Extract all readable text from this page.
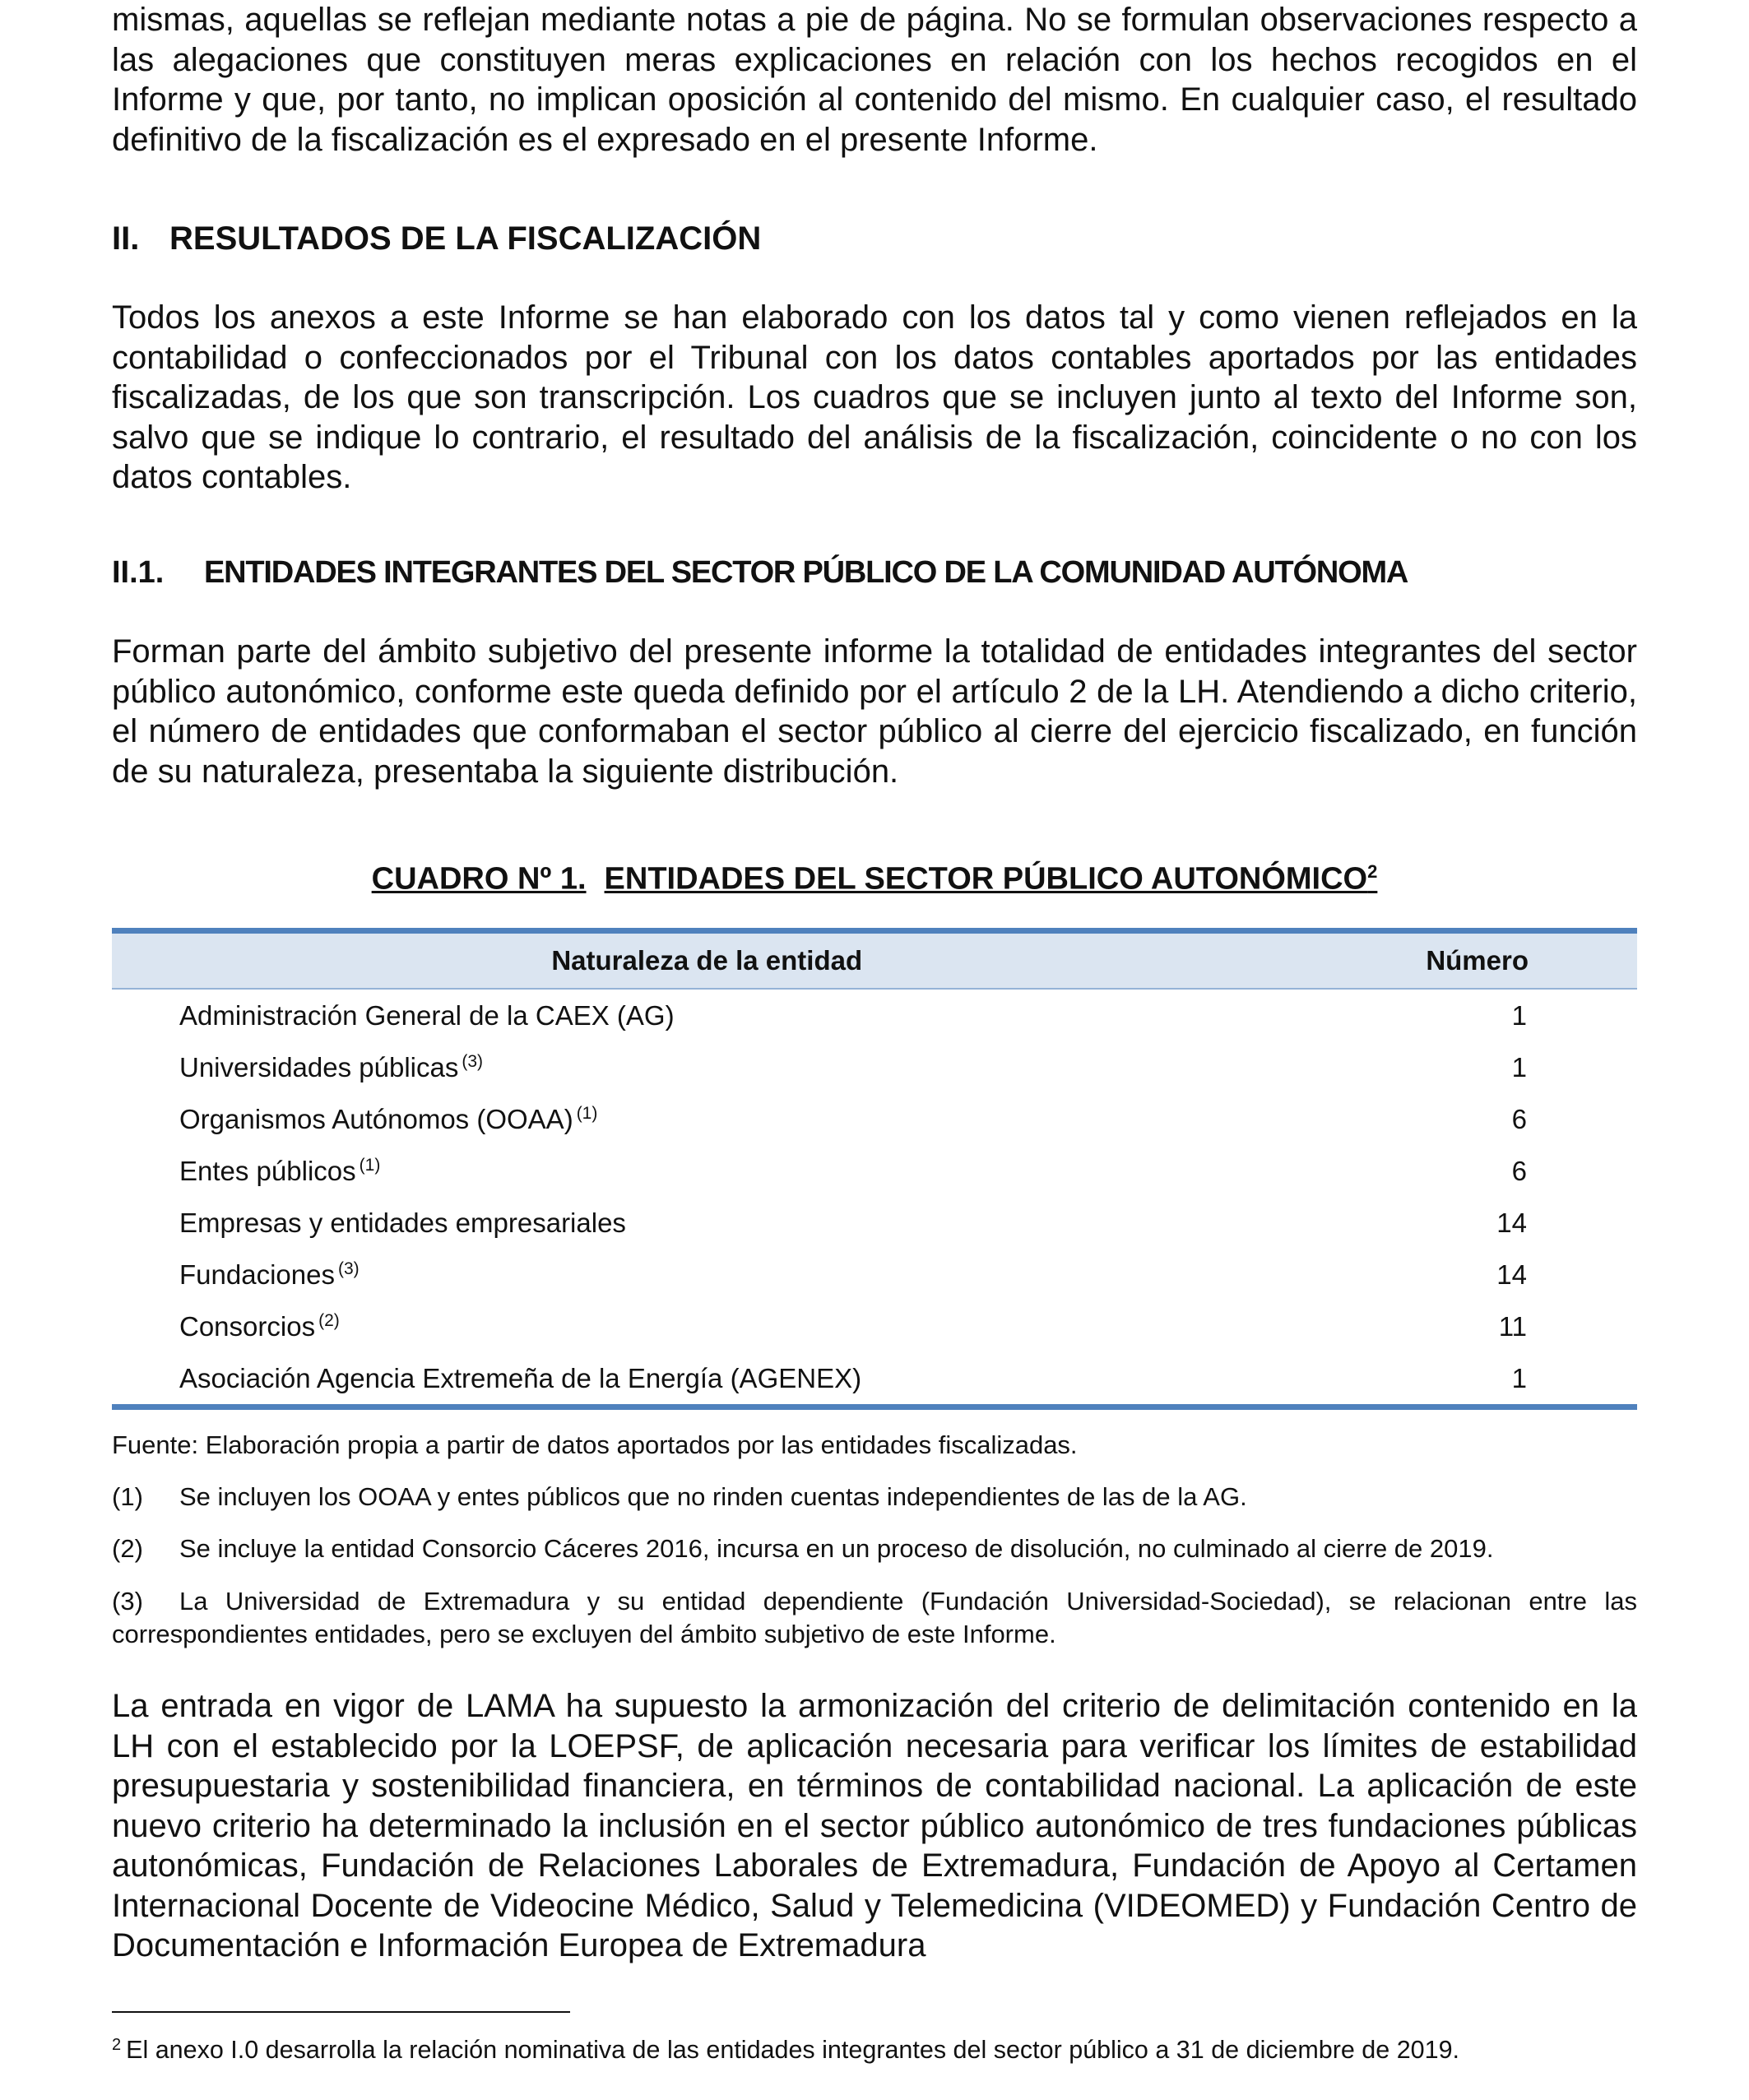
mismas, aquellas se reflejan mediante notas a pie de página. No se formulan observaciones respecto a las alegaciones que constituyen meras explicaciones en relación con los hechos recogidos en el Informe y que, por tanto, no implican oposición al contenido del mismo. En cualquier caso, el resultado definitivo de la fiscalización es el expresado en el presente Informe.

II. RESULTADOS DE LA FISCALIZACIÓN

Todos los anexos a este Informe se han elaborado con los datos tal y como vienen reflejados en la contabilidad o confeccionados por el Tribunal con los datos contables aportados por las entidades fiscalizadas, de los que son transcripción. Los cuadros que se incluyen junto al texto del Informe son, salvo que se indique lo contrario, el resultado del análisis de la fiscalización, coincidente o no con los datos contables.

II.1. ENTIDADES INTEGRANTES DEL SECTOR PÚBLICO DE LA COMUNIDAD AUTÓNOMA

Forman parte del ámbito subjetivo del presente informe la totalidad de entidades integrantes del sector público autonómico, conforme este queda definido por el artículo 2 de la LH. Atendiendo a dicho criterio, el número de entidades que conformaban el sector público al cierre del ejercicio fiscalizado, en función de su naturaleza, presentaba la siguiente distribución.

CUADRO Nº 1. ENTIDADES DEL SECTOR PÚBLICO AUTONÓMICO$^2$

Naturaleza de la entidad	Número
Administración General de la CAEX (AG)	1
Universidades públicas $^{(3)}$	1
Organismos Autónomos (OOAA) $^{(1)}$	6
Entes públicos $^{(1)}$	6
Empresas y entidades empresariales	14
Fundaciones $^{(3)}$	14
Consorcios $^{(2)}$	11
Asociación Agencia Extremeña de la Energía (AGENEX)	1

Fuente: Elaboración propia a partir de datos aportados por las entidades fiscalizadas.

(1)	Se incluyen los OOAA y entes públicos que no rinden cuentas independientes de las de la AG.
(2)	Se incluye la entidad Consorcio Cáceres 2016, incursa en un proceso de disolución, no culminado al cierre de 2019.

(3) La Universidad de Extremadura y su entidad dependiente (Fundación Universidad-Sociedad), se relacionan entre las correspondientes entidades, pero se excluyen del ámbito subjetivo de este Informe.

La entrada en vigor de LAMA ha supuesto la armonización del criterio de delimitación contenido en la LH con el establecido por la LOEPSF, de aplicación necesaria para verificar los límites de estabilidad presupuestaria y sostenibilidad financiera, en términos de contabilidad nacional. La aplicación de este nuevo criterio ha determinado la inclusión en el sector público autonómico de tres fundaciones públicas autonómicas, Fundación de Relaciones Laborales de Extremadura, Fundación de Apoyo al Certamen Internacional Docente de Videocine Médico, Salud y Telemedicina (VIDEOMED) y Fundación Centro de Documentación e Información Europea de Extremadura

$^2$ El anexo I.0 desarrolla la relación nominativa de las entidades integrantes del sector público a 31 de diciembre de 2019.
